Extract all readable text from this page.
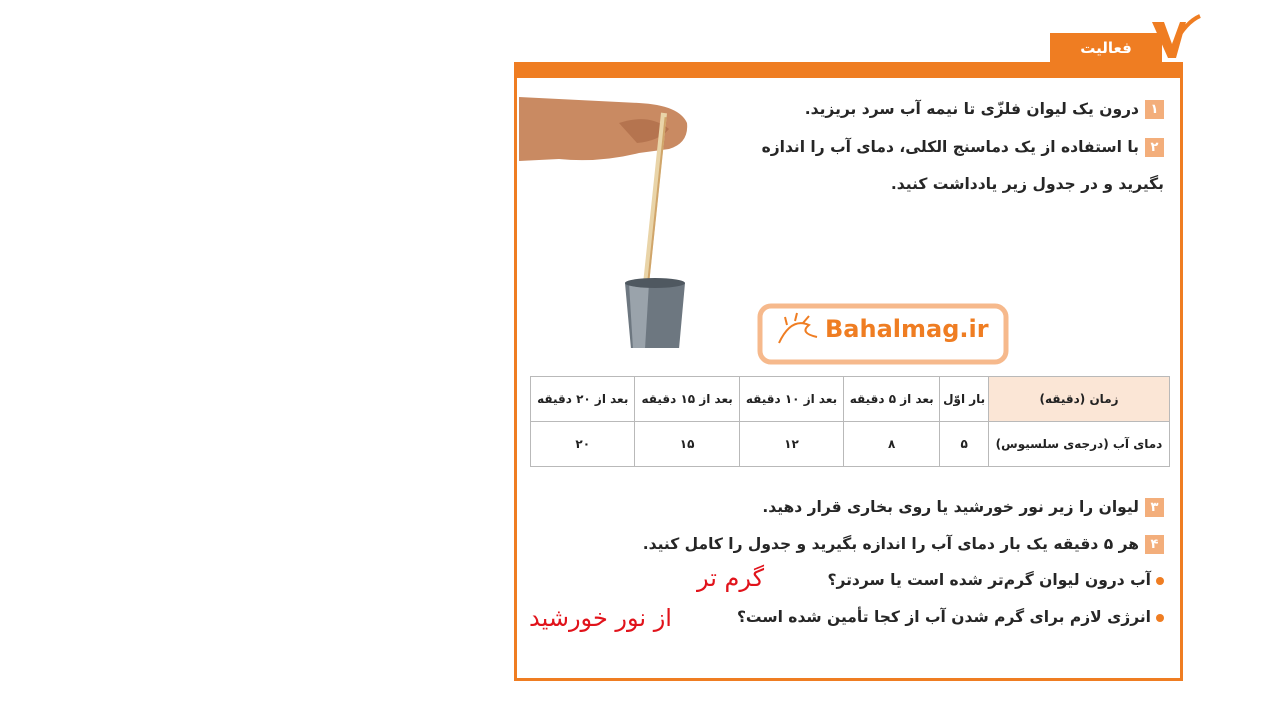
فعالیت
۱درون یک لیوان فلزّی تا نیمه آب سرد بریزید.
۲با استفاده از یک دماسنج الکلی، دمای آب را اندازه
بگیرید و در جدول زیر یادداشت کنید.
Bahalmag.ir
زمان (دقیقه)	بار اوّل	بعد از ۵ دقیقه	بعد از ۱۰ دقیقه	بعد از ۱۵ دقیقه	بعد از ۲۰ دقیقه
دمای آب (درجه‌ی سلسیوس)	۵	۸	۱۲	۱۵	۲۰
۳لیوان را زیر نور خورشید یا روی بخاری قرار دهید.
۴هر ۵ دقیقه یک بار دمای آب را اندازه بگیرید و جدول را کامل کنید.
آب درون لیوان گرم‌تر شده است یا سردتر؟
گرم تر
انرژی لازم برای گرم شدن آب از کجا تأمین شده است؟
از نور خورشید
